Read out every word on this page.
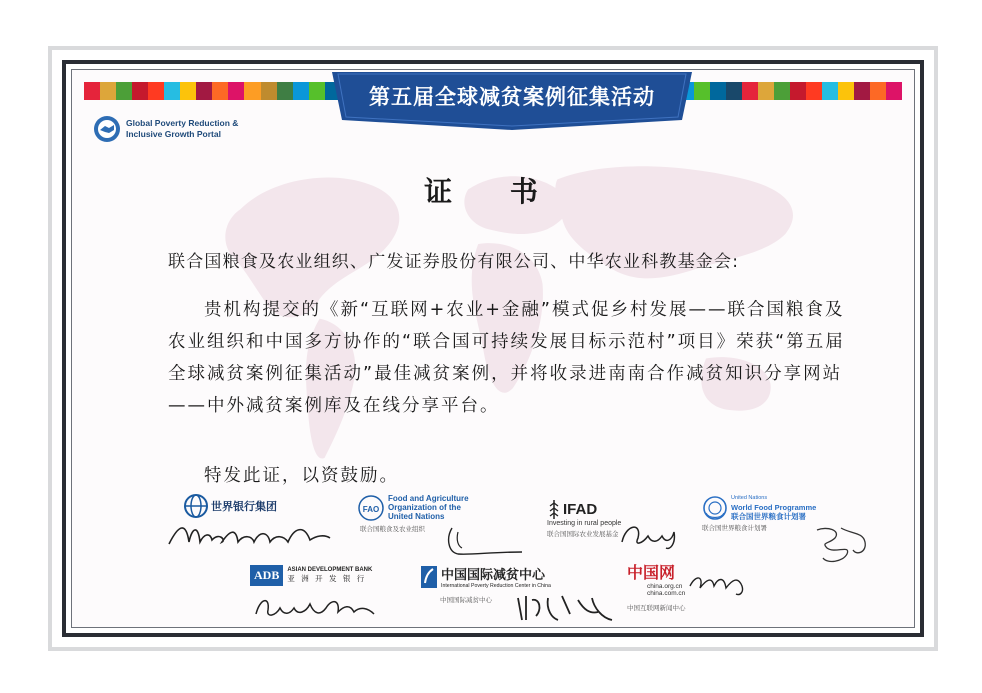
第五届全球减贫案例征集活动
Global Poverty Reduction &
Inclusive Growth Portal
证 书
联合国粮食及农业组织、广发证券股份有限公司、中华农业科教基金会:
贵机构提交的《新“互联网+农业+金融”模式促乡村发展——联合国粮食及农业组织和中国多方协作的“联合国可持续发展目标示范村”项目》荣获“第五届全球减贫案例征集活动”最佳减贫案例，并将收录进南南合作减贫知识分享网站——中外减贫案例库及在线分享平台。
特发此证，以资鼓励。
世界银行集团	FAO
Food and Agriculture
Organization of the
United Nations
联合国粮食及农业组织
IFAD
Investing in rural people
联合国国际农业发展基金
United Nations
World Food Programme
联合国世界粮食计划署
联合国世界粮食计划署
ADB	ASIAN DEVELOPMENT BANK
亚 洲 开 发 银 行	中国国际减贫中心
International Poverty Reduction Center in China
中国国际减贫中心
中国网
china.org.cn
china.com.cn
中国互联网新闻中心
